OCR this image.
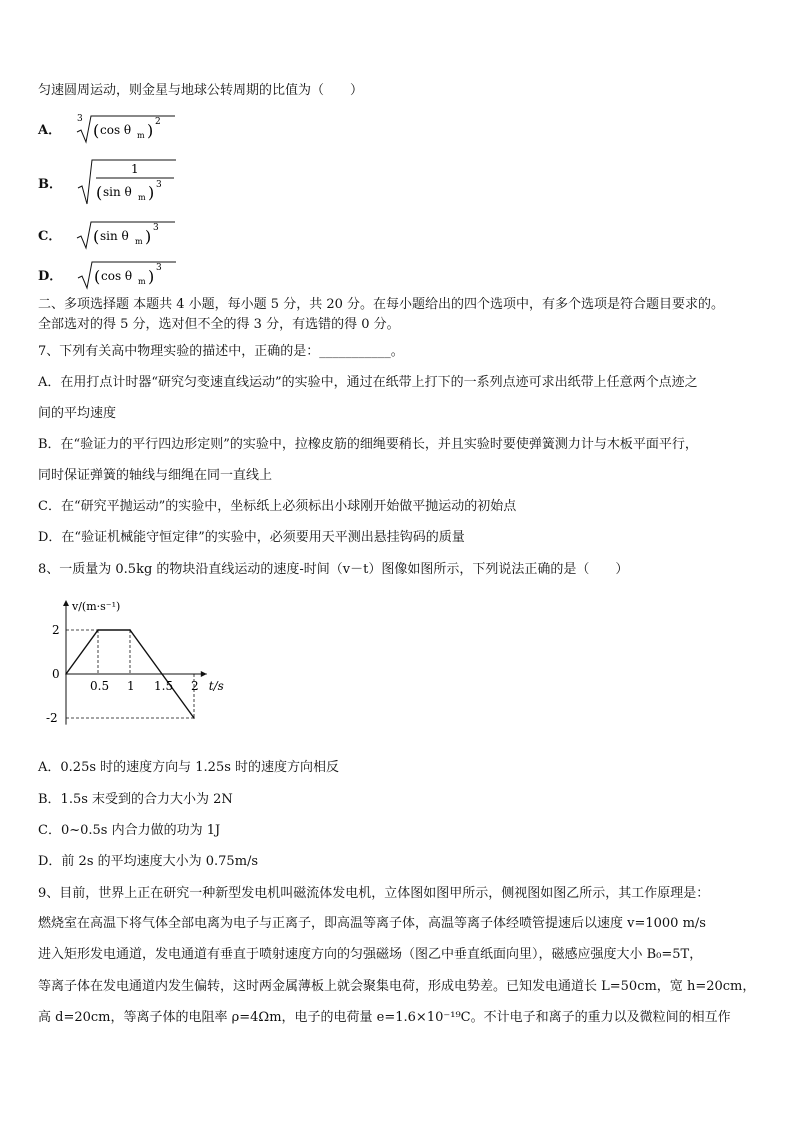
匀速圆周运动，则金星与地球公转周期的比值为（　　）
A．
3
( cos θ m ) 2
B．
1
( sin θ m ) 3
C． ( sin θ m ) 3
D． ( cos θ m ) 3
二、多项选择题 本题共 4 小题，每小题 5 分，共 20 分。在每小题给出的四个选项中，有多个选项是符合题目要求的。
全部选对的得 5 分，选对但不全的得 3 分，有选错的得 0 分。
7、下列有关高中物理实验的描述中，正确的是：___________。
A．在用打点计时器“研究匀变速直线运动”的实验中，通过在纸带上打下的一系列点迹可求出纸带上任意两个点迹之
间的平均速度
B．在“验证力的平行四边形定则”的实验中，拉橡皮筋的细绳要稍长，并且实验时要使弹簧测力计与木板平面平行，
同时保证弹簧的轴线与细绳在同一直线上
C．在“研究平抛运动”的实验中，坐标纸上必须标出小球刚开始做平抛运动的初始点
D．在“验证机械能守恒定律”的实验中，必须要用天平测出悬挂钩码的质量
8、一质量为 0.5kg 的物块沿直线运动的速度-时间（v－t）图像如图所示，下列说法正确的是（　　）
0.5 1 1.5 2
2
0
-2
v/(m·s⁻¹)
t/s
A．0.25s 时的速度方向与 1.25s 时的速度方向相反
B．1.5s 末受到的合力大小为 2N
C．0~0.5s 内合力做的功为 1J
D．前 2s 的平均速度大小为 0.75m/s
9、目前，世界上正在研究一种新型发电机叫磁流体发电机，立体图如图甲所示，侧视图如图乙所示，其工作原理是：
燃烧室在高温下将气体全部电离为电子与正离子，即高温等离子体，高温等离子体经喷管提速后以速度 v=1000 m/s
进入矩形发电通道，发电通道有垂直于喷射速度方向的匀强磁场（图乙中垂直纸面向里），磁感应强度大小 B₀=5T，
等离子体在发电通道内发生偏转，这时两金属薄板上就会聚集电荷，形成电势差。已知发电通道长 L=50cm，宽 h=20cm，
高 d=20cm，等离子体的电阻率 ρ=4Ωm，电子的电荷量 e=1.6×10⁻¹⁹C。不计电子和离子的重力以及微粒间的相互作
